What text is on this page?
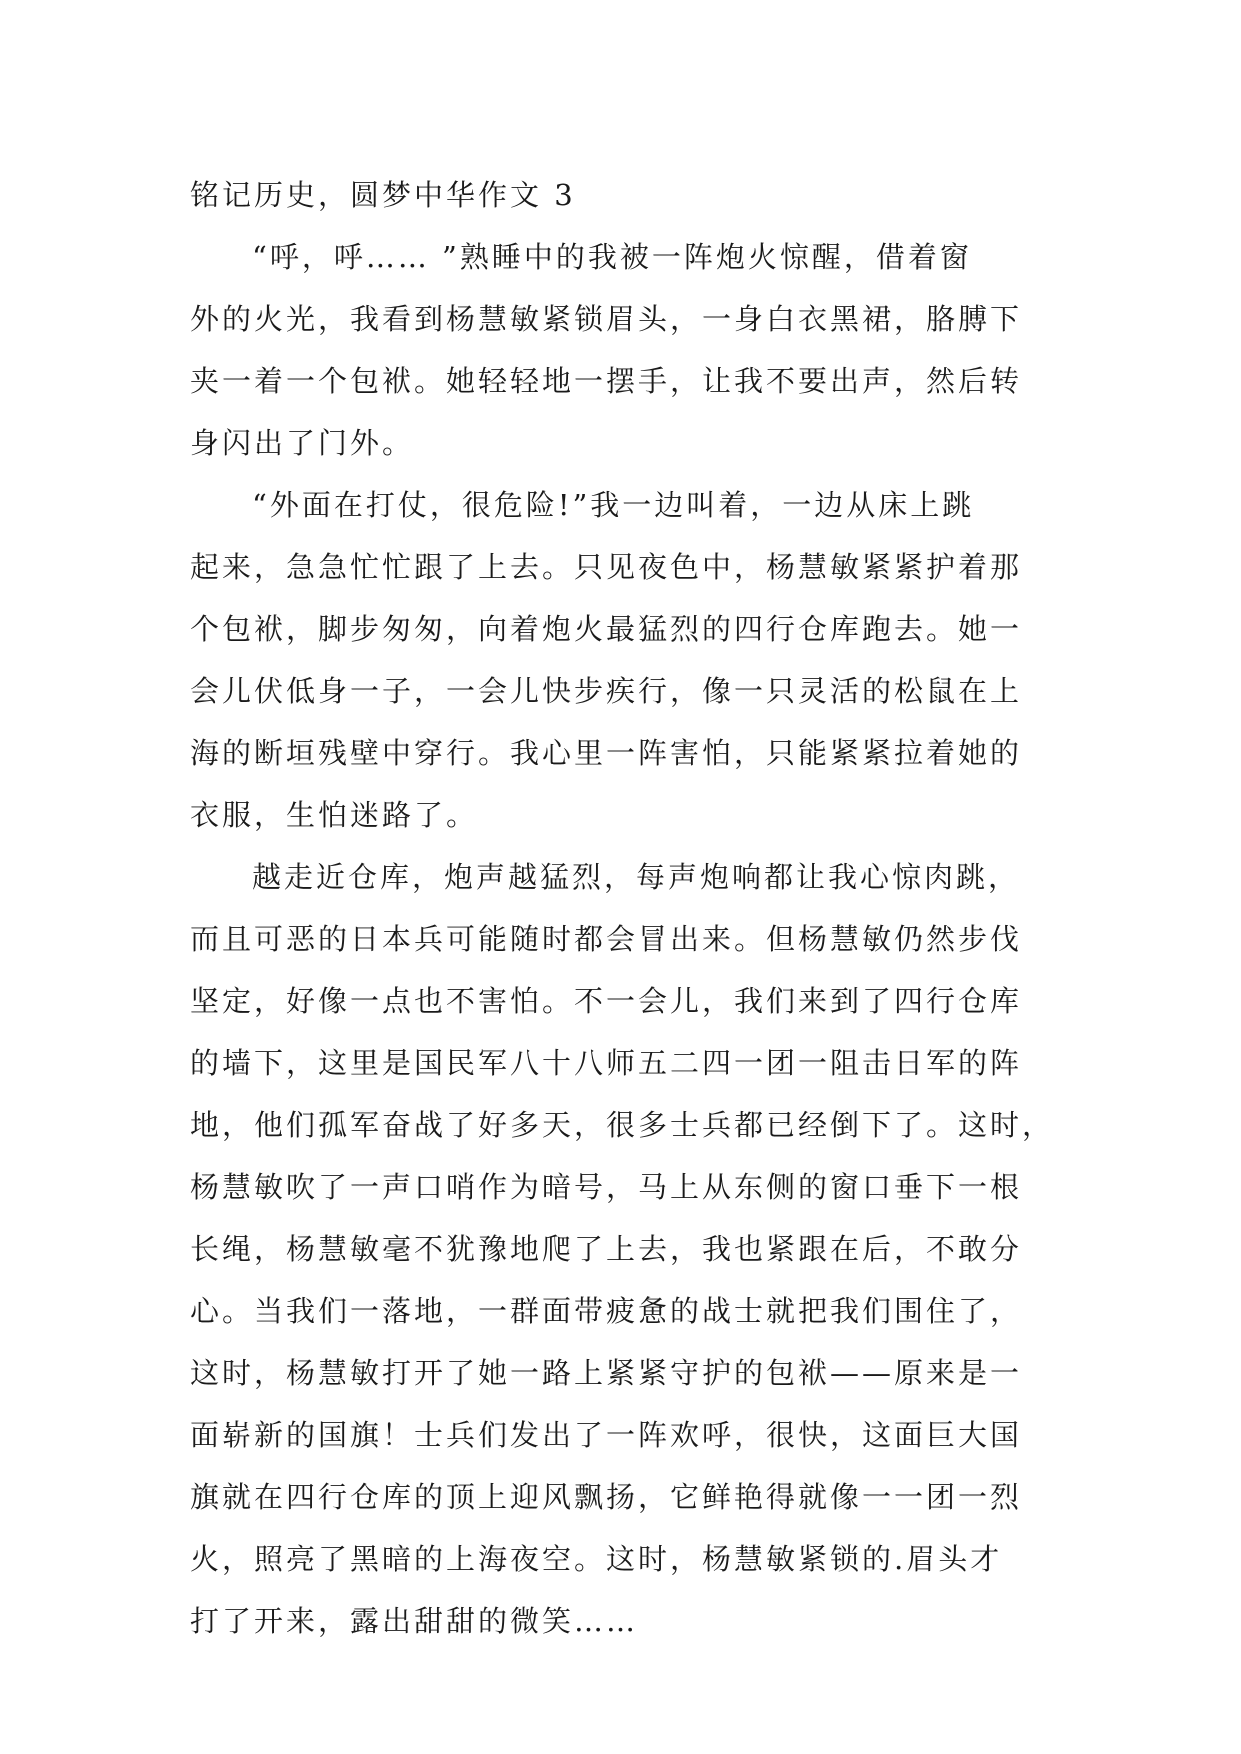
铭记历史，圆梦中华作文 3
“呼，呼…… ”熟睡中的我被一阵炮火惊醒，借着窗
外的火光，我看到杨慧敏紧锁眉头，一身白衣黑裙，胳膊下
夹一着一个包袱。她轻轻地一摆手，让我不要出声，然后转
身闪出了门外。
“外面在打仗，很危险!”我一边叫着，一边从床上跳
起来，急急忙忙跟了上去。只见夜色中，杨慧敏紧紧护着那
个包袱，脚步匆匆，向着炮火最猛烈的四行仓库跑去。她一
会儿伏低身一子，一会儿快步疾行，像一只灵活的松鼠在上
海的断垣残壁中穿行。我心里一阵害怕，只能紧紧拉着她的
衣服，生怕迷路了。
越走近仓库，炮声越猛烈，每声炮响都让我心惊肉跳，
而且可恶的日本兵可能随时都会冒出来。但杨慧敏仍然步伐
坚定，好像一点也不害怕。不一会儿，我们来到了四行仓库
的墙下，这里是国民军八十八师五二四一团一阻击日军的阵
地，他们孤军奋战了好多天，很多士兵都已经倒下了。这时，
杨慧敏吹了一声口哨作为暗号，马上从东侧的窗口垂下一根
长绳，杨慧敏毫不犹豫地爬了上去，我也紧跟在后，不敢分
心。当我们一落地，一群面带疲惫的战士就把我们围住了，
这时，杨慧敏打开了她一路上紧紧守护的包袱——原来是一
面崭新的国旗！士兵们发出了一阵欢呼，很快，这面巨大国
旗就在四行仓库的顶上迎风飘扬，它鲜艳得就像一一团一烈
火，照亮了黑暗的上海夜空。这时，杨慧敏紧锁的.眉头才
打了开来，露出甜甜的微笑……
